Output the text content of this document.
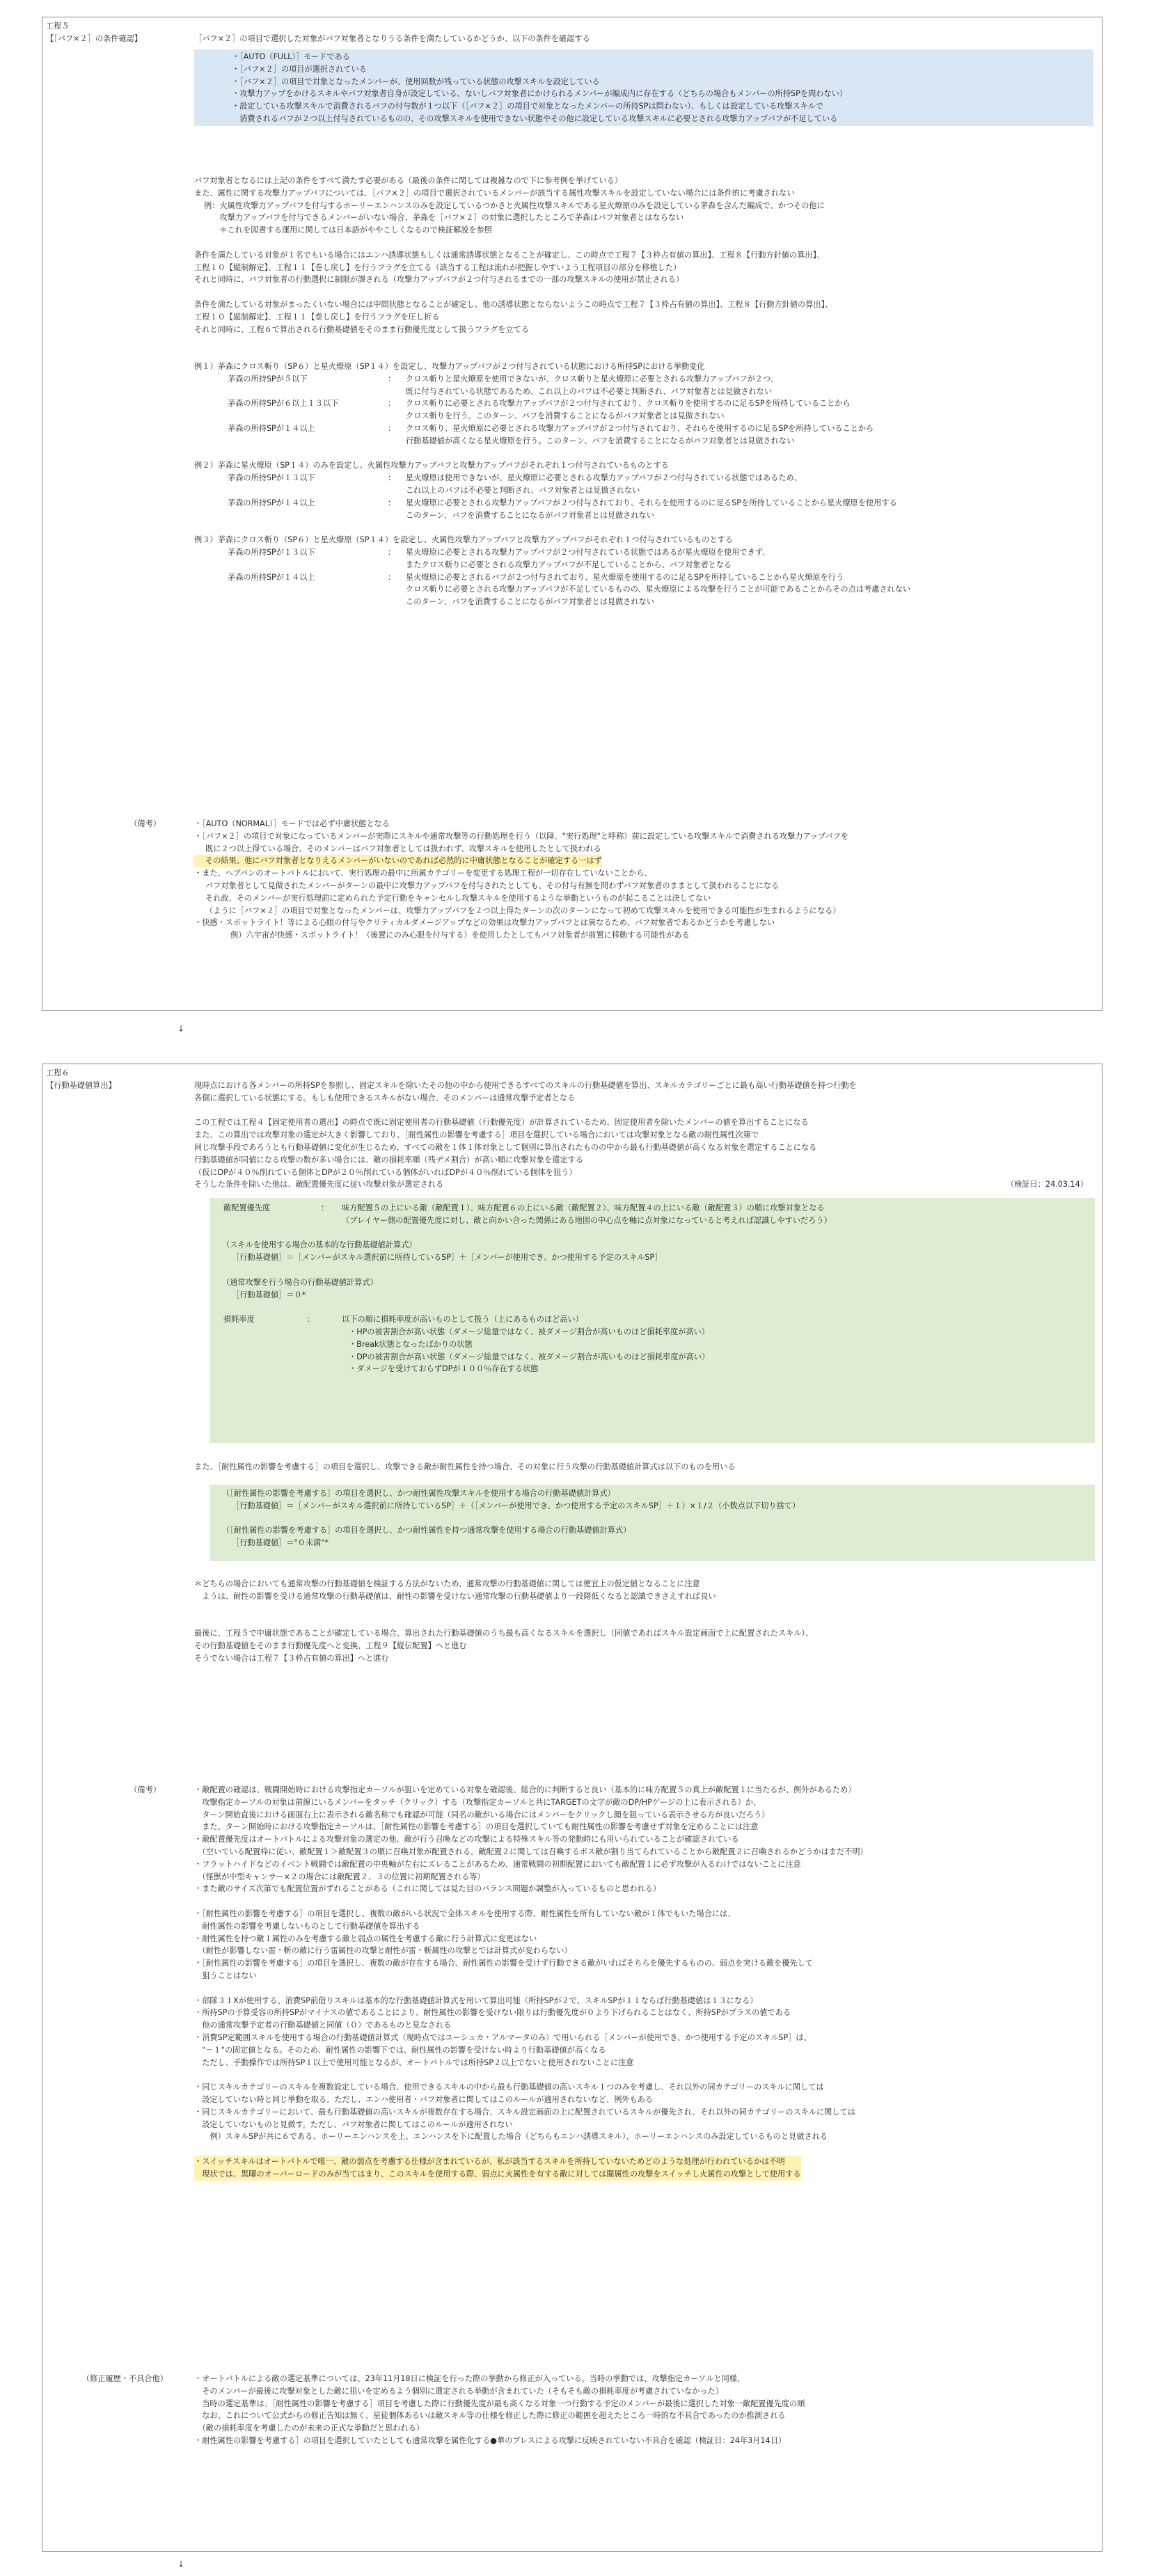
工程５
【［バフ×２］の条件確認】	［バフ×２］の項目で選択した対象がバフ対象者となりうる条件を満たしているかどうか、以下の条件を確認する
・［AUTO（FULL）］モードである
・［バフ×２］の項目が選択されている
・［バフ×２］の項目で対象となったメンバーが、使用回数が残っている状態の攻撃スキルを設定している
・攻撃力アップをかけるスキルやバフ対象者自身が設定している、ないしバフ対象者にかけられるメンバーが編成内に存在する（どちらの場合もメンバーの所持SPを問わない）
・設定している攻撃スキルで消費されるバフの付与数が１つ以下（［バフ×２］の項目で対象となったメンバーの所持SPは問わない）、もしくは設定している攻撃スキルで
　消費されるバフが２つ以上付与されているものの、その攻撃スキルを使用できない状態やその他に設定している攻撃スキルに必要とされる攻撃力アップバフが不足している
バフ対象者となるには上記の条件をすべて満たす必要がある（最後の条件に関しては複雑なので下に参考例を挙げている）
また、属性に関する攻撃力アップバフについては、［バフ×２］の項目で選択されているメンバーが該当する属性攻撃スキルを設定していない場合には条件的に考慮されない
例：火属性攻撃力アップバフを付与するホーリーエンハンスのみを設定しているつかさと火属性攻撃スキルである星火燎原のみを設定している茅森を含んだ編成で、かつその他に
　　攻撃力アップバフを付与できるメンバーがいない場合、茅森を［バフ×２］の対象に選択したところで茅森はバフ対象者とはならない
　　＊これを図書する運用に関しては日本語がややこしくなるので検証解説を参照
条件を満たしている対象が１名でもいる場合にはエンハ誘導状態もしくは通常誘導状態となることが確定し、この時点で工程７【３枠占有値の算出】、工程８【行動方針値の算出】、
工程１０【縦制解定】、工程１１【巻し戻し】を行うフラグを立てる（該当する工程は流れが把握しやすいよう工程項目の部分を移植した）
それと同時に、バフ対象者の行動選択に制限が課される（攻撃力アップバフが２つ付与されるまでの一部の攻撃スキルの使用が禁止される）
条件を満たしている対象がまったくいない場合には中間状態となることが確定し、他の誘導状態とならないようこの時点で工程７【３枠占有値の算出】、工程８【行動方針値の算出】、
工程１０【縦制解定】、工程１１【巻し戻し】を行うフラグを圧し折る
それと同時に、工程６で算出される行動基礎値をそのまま行動優先度として扱うフラグを立てる
例１）茅森にクロス斬り（SP６）と星火燎原（SP１４）を設定し、攻撃力アップバフが２つ付与されている状態における所持SPにおける挙動変化
茅森の所持SPが５以下	：	クロス斬りと星火燎原を使用できないが、クロス斬りと星火燎原に必要とされる攻撃力アップバフが２つ、
既に付与されている状態であるため、これ以上のバフは不必要と判断され、バフ対象者とは見做されない
茅森の所持SPが６以上１３以下	：	クロス斬りに必要とされる攻撃力アップバフが２つ付与されており、クロス斬りを使用するのに足るSPを所持していることから
クロス斬りを行う。このターン、バフを消費することになるがバフ対象者とは見做されない
茅森の所持SPが１４以上	：	クロス斬り、星火燎原に必要とされる攻撃力アップバフが２つ付与されており、それらを使用するのに足るSPを所持していることから
行動基礎値が高くなる星火燎原を行う。このターン、バフを消費することになるがバフ対象者とは見做されない
例２）茅森に星火燎原（SP１４）のみを設定し、火属性攻撃力アップバフと攻撃力アップバフがそれぞれ１つ付与されているものとする
茅森の所持SPが１３以下	：	星火燎原は使用できないが、星火燎原に必要とされる攻撃力アップバフが２つ付与されている状態ではあるため、
これ以上のバフは不必要と判断され、バフ対象者とは見做されない
茅森の所持SPが１４以上	：	星火燎原に必要とされる攻撃力アップバフが２つ付与されており、それらを使用するのに足るSPを所持していることから星火燎原を使用する
このターン、バフを消費することになるがバフ対象者とは見做されない
例３）茅森にクロス斬り（SP６）と星火燎原（SP１４）を設定し、火属性攻撃力アップバフと攻撃力アップバフがそれぞれ１つ付与されているものとする
茅森の所持SPが１３以下	：	星火燎原に必要とされる攻撃力アップバフが２つ付与されている状態ではあるが星火燎原を使用できず、
またクロス斬りに必要とされる攻撃力アップバフが不足していることから、バフ対象者となる
茅森の所持SPが１４以上	：	星火燎原に必要とされるバフが２つ付与されており、星火燎原を使用するのに足るSPを所持していることから星火燎原を行う
クロス斬りに必要とされる攻撃力アップバフが不足しているものの、星火燎原による攻撃を行うことが可能であることからその点は考慮されない
このターン、バフを消費することになるがバフ対象者とは見做されない
（備考）	・［AUTO（NORMAL）］モードでは必ず中庸状態となる
・［バフ×２］の項目で対象になっているメンバーが実際にスキルや通常攻撃等の行動処理を行う（以降、"実行処理"と呼称）前に設定している攻撃スキルで消費される攻撃力アップバフを
既に２つ以上得ている場合、そのメンバーはバフ対象者としては扱われず、攻撃スキルを使用したとして扱われる
その結果、他にバフ対象者となりえるメンバーがいないのであれば必然的に中庸状態となることが確定する一はず
・また、ヘブバンのオートバトルにおいて、実行処理の最中に所属カテゴリーを変更する処理工程が一切存在していないことから、
バフ対象者として見做されたメンバーがターンの最中に攻撃力アップバフを付与されたとしても、その付与有無を問わずバフ対象者のままとして扱われることになる
それ故、そのメンバーが実行処理前に定められた予定行動をキャンセルし攻撃スキルを使用するような挙動というものが起こることは決してない
（ように［バフ×２］の項目で対象となったメンバーは、攻撃力アップバフを２つ以上得たターンの次のターンになって初めて攻撃スキルを使用できる可能性が生まれるようになる）
・快感・スポットライト！等による心眼の付与やクリティカルダメージアップなどの効果は攻撃力アップバフとは異なるため、バフ対象者であるかどうかを考慮しない
例）六宇宙が快感・スポットライト！（後置にのみ心眼を付与する）を使用したとしてもバフ対象者が前置に移動する可能性がある
↓
工程６
【行動基礎値算出】	現時点における各メンバーの所持SPを参照し、固定スキルを除いたその他の中から使用できるすべてのスキルの行動基礎値を算出、スキルカテゴリーごとに最も高い行動基礎値を持つ行動を
各個に選択している状態にする。もしも使用できるスキルがない場合、そのメンバーは通常攻撃予定者となる
この工程では工程４【固定使用者の選出】の時点で既に固定使用者の行動基礎値（行動優先度）が計算されているため、固定使用者を除いたメンバーの値を算出することになる
また、この算出では攻撃対象の選定が大きく影響しており、［耐性属性の影響を考慮する］項目を選択している場合においては攻撃対象となる敵の耐性属性次第で
同じ攻撃手段であろうとも行動基礎値に変化が生じるため、すべての敵を１体１体対象として個別に算出されたものの中から最も行動基礎値が高くなる対象を選定することになる
行動基礎値が同値になる攻撃の数が多い場合には、敵の損耗率順（残デメ割合）が高い順に攻撃対象を選定する
（仮にDPが４０％削れている個体とDPが２０％削れている個体がいればDPが４０％削れている個体を狙う）
そうした条件を除いた他は、敵配置優先度に従い攻撃対象が選定される	（検証日：24.03.14）
敵配置優先度	：	味方配置５の上にいる敵（敵配置１）、味方配置６の上にいる敵（敵配置２）、味方配置４の上にいる敵（敵配置３）の順に攻撃対象となる
（プレイヤー側の配置優先度に対し、敵と向かい合った関係にある地図の中心点を軸に点対象になっていると考えれば認識しやすいだろう）
（スキルを使用する場合の基本的な行動基礎値計算式）
［行動基礎値］＝［メンバーがスキル選択前に所持しているSP］＋［メンバーが使用でき、かつ使用する予定のスキルSP］
（通常攻撃を行う場合の行動基礎値計算式）
［行動基礎値］＝０*
損耗率度	：	以下の順に損耗率度が高いものとして扱う（上にあるものほど高い）
・HPの被害割合が高い状態（ダメージ総量ではなく、被ダメージ割合が高いものほど損耗率度が高い）
・Break状態となったばかりの状態
・DPの被害割合が高い状態（ダメージ総量ではなく、被ダメージ割合が高いものほど損耗率度が高い）
・ダメージを受けておらずDPが１００％存在する状態
また、［耐性属性の影響を考慮する］の項目を選択し、攻撃できる敵が耐性属性を持つ場合、その対象に行う攻撃の行動基礎値計算式は以下のものを用いる
（［耐性属性の影響を考慮する］の項目を選択し、かつ耐性属性攻撃スキルを使用する場合の行動基礎値計算式）
［行動基礎値］＝［メンバーがスキル選択前に所持しているSP］＋（［メンバーが使用でき、かつ使用する予定のスキルSP］＋１）×１/２（小数点以下切り捨て）
（［耐性属性の影響を考慮する］の項目を選択し、かつ耐性属性を持つ通常攻撃を使用する場合の行動基礎値計算式）
［行動基礎値］＝"０未満"*
＊どちらの場合においても通常攻撃の行動基礎値を検証する方法がないため、通常攻撃の行動基礎値に関しては便宜上の仮定値となることに注意
　ようは、耐性の影響を受ける通常攻撃の行動基礎値は、耐性の影響を受けない通常攻撃の行動基礎値より一段階低くなると認識できさえすれば良い
最後に、工程５で中庸状態であることが確定している場合、算出された行動基礎値のうち最も高くなるスキルを選択し（同値であればスキル設定画面で上に配置されたスキル）、
その行動基礎値をそのまま行動優先度へと変換、工程９【縦伝配置】へと進む
そうでない場合は工程７【３枠占有値の算出】へと進む
（備考）	・敵配置の確認は、戦闘開始時における攻撃指定カーソルが狙いを定めている対象を確認後、総合的に判断すると良い（基本的に味方配置５の真上が敵配置１に当たるが、例外があるため）
　攻撃指定カーソルの対象は前線にいるメンバーをタッチ（クリック）する（攻撃指定カーソルと共にTARGETの文字が敵のDP/HPゲージの上に表示される）か、
　ターン開始直後における画面右上に表示される敵名称でも確認が可能（同名の敵がいる場合にはメンバーをクリックし顔を狙っている表示させる方が良いだろう）
　また、ターン開始時における攻撃指定カーソルは、［耐性属性の影響を考慮する］の項目を選択していても耐性属性の影響を考慮せず対象を定めることには注意
・敵配置優先度はオートバトルによる攻撃対象の選定の他、敵が行う召喚などの攻撃による特殊スキル等の発動時にも用いられていることが確認されている
　（空いている配置枠に従い、敵配置１＞敵配置３の順に召喚対象が配置される。敵配置２に関しては召喚するボス敵が割り当てられていることから敵配置２に召喚されるかどうかはまだ不明）
・フラットハイドなどのイベント戦闘では敵配置の中央軸が左右にズレることがあるため、通常戦闘の初期配置においても敵配置１に必ず攻撃が入るわけではないことに注意
　（怪獣が中型キャンサー×２の場合には敵配置２、３の位置に初期配置される等）
・また敵のサイズ次第でも配置位置がずれることがある（これに関しては見た目のバランス問題か調整が入っているものと思われる）
・［耐性属性の影響を考慮する］の項目を選択し、複数の敵がいる状況で全体スキルを使用する際、耐性属性を所有していない敵が１体でもいた場合には、
　耐性属性の影響を考慮しないものとして行動基礎値を算出する
・耐性属性を持つ敵１属性のみを考慮する敵と弱点の属性を考慮する敵に行う計算式に変更はない
　（耐性が影響しない雷・斬の敵に行う雷属性の攻撃と耐性が雷・斬属性の攻撃とでは計算式が変わらない）
・［耐性属性の影響を考慮する］の項目を選択し、複数の敵が存在する場合、耐性属性の影響を受けず行動できる敵がいればそちらを優先するものの、弱点を突ける敵を優先して
　狙うことはない
・部隊３１Xが使用する、消費SP前借りスキルは基本的な行動基礎値計算式を用いて算出可能（所持SPが２で、スキルSPが１１ならば行動基礎値は１３になる）
・所持SPの予算受容の所持SPがマイナスの値であることにより、耐性属性の影響を受けない限りは行動優先度が０より下げられることはなく、所持SPがプラスの値である
　他の通常攻撃予定者の行動基礎値と同値（０）であるものと見なされる
・消費SP定範囲スキルを使用する場合の行動基礎値計算式（現時点ではユーシュカ・アルマータのみ）で用いられる［メンバーが使用でき、かつ使用する予定のスキルSP］は、
　"－１"の固定値となる。そのため、耐性属性の影響下では、耐性属性の影響を受けない時より行動基礎値が高くなる
　ただし、手動操作では所持SP１以上で使用可能となるが、オートバトルでは所持SP２以上でないと使用されないことに注意
・同じスキルカテゴリーのスキルを複数設定している場合、使用できるスキルの中から最も行動基礎値の高いスキル１つのみを考慮し、それ以外の同カテゴリーのスキルに関しては
　設定していない時と同じ挙動を取る。ただし、エンハ使用者・バフ対象者に関してはこのルールが適用されないなど、例外もある
・同じスキルカテゴリーにおいて、最も行動基礎値の高いスキルが複数存在する場合、スキル設定画面の上に配置されているスキルが優先され、それ以外の同カテゴリーのスキルに関しては
　設定していないものと見做す。ただし、バフ対象者に関してはこのルールが適用されない
　　例）スキルSPが共に６である、ホーリーエンハンスを上、エンハンスを下に配置した場合（どちらもエンハ誘導スキル）、ホーリーエンハンスのみ設定しているものと見做される
・スイッチスキルはオートバトルで唯一、敵の弱点を考慮する仕様が含まれているが、私が該当するスキルを所持していないためどのような処理が行われているかは不明
　現状では、黒曜のオーバーロードのみが当てはまり、このスキルを使用する際、弱点に火属性を有する敵に対しては闇属性の攻撃をスイッチし火属性の攻撃として使用する
（修正履歴・不具合他）	・オートバトルによる敵の選定基準については、23年11月18日に検証を行った際の挙動から修正が入っている。当時の挙動では、攻撃指定カーソルと同様、
　そのメンバーが最後に攻撃対象とした敵に狙いを定めるよう個別に選定される挙動が含まれていた（そもそも敵の損耗率度が考慮されていなかった）
　当時の選定基準は、［耐性属性の影響を考慮する］項目を考慮した際に行動優先度が最も高くなる対象一つ行動する予定のメンバーが最後に選択した対象一敵配置優先度の順
　なお、これについて公式からの修正告知は無く、星徒個体あるいは敵スキル等の仕様を修正した際に修正の範囲を超えたところ一時的な不具合であったのか推測される
　（敵の損耗率度を考慮したのが未来の正式な挙動だと思われる）
・耐性属性の影響を考慮する］の項目を選択していたとしても通常攻撃を属性化する●華のブレスによる攻撃に反映されていない不具合を確認（検証日：24年3月14日）
↓
